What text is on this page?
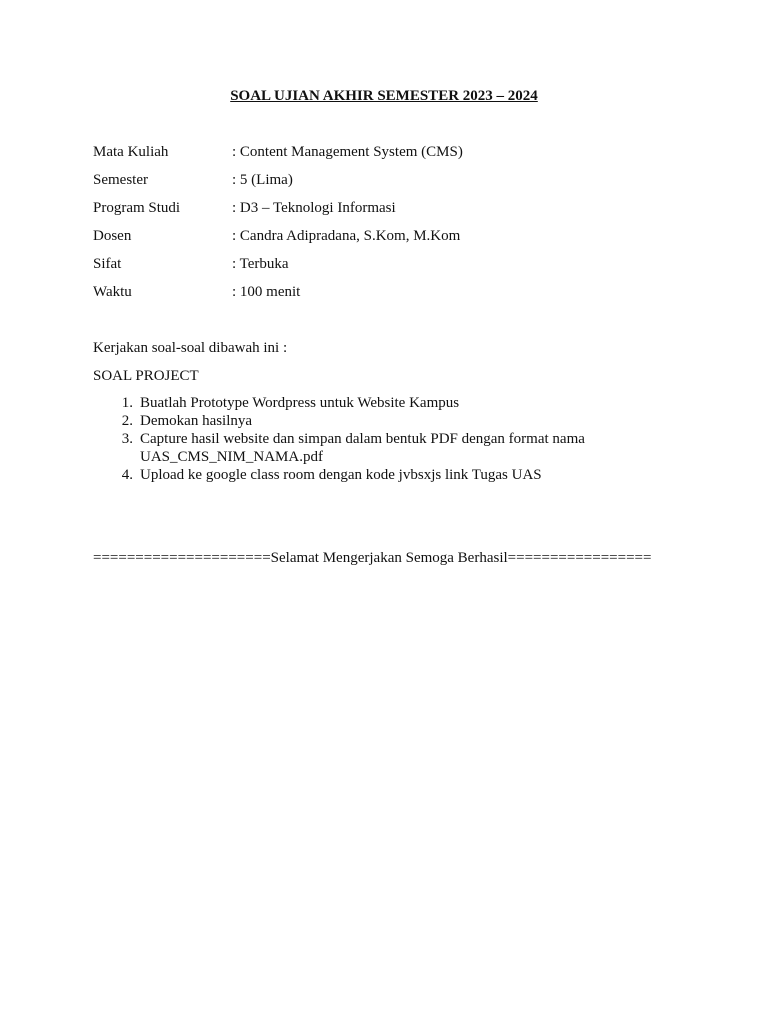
SOAL UJIAN AKHIR SEMESTER 2023 – 2024
Mata Kuliah	: Content Management System (CMS)
Semester	: 5 (Lima)
Program Studi	: D3 – Teknologi Informasi
Dosen	: Candra Adipradana, S.Kom, M.Kom
Sifat	: Terbuka
Waktu	: 100 menit
Kerjakan soal-soal dibawah ini :
SOAL PROJECT
1. Buatlah Prototype Wordpress untuk Website Kampus
2. Demokan hasilnya
3. Capture hasil website dan simpan dalam bentuk PDF dengan format nama
UAS_CMS_NIM_NAMA.pdf
4. Upload ke google class room dengan kode jvbsxjs link Tugas UAS
=====================Selamat Mengerjakan Semoga Berhasil=================
